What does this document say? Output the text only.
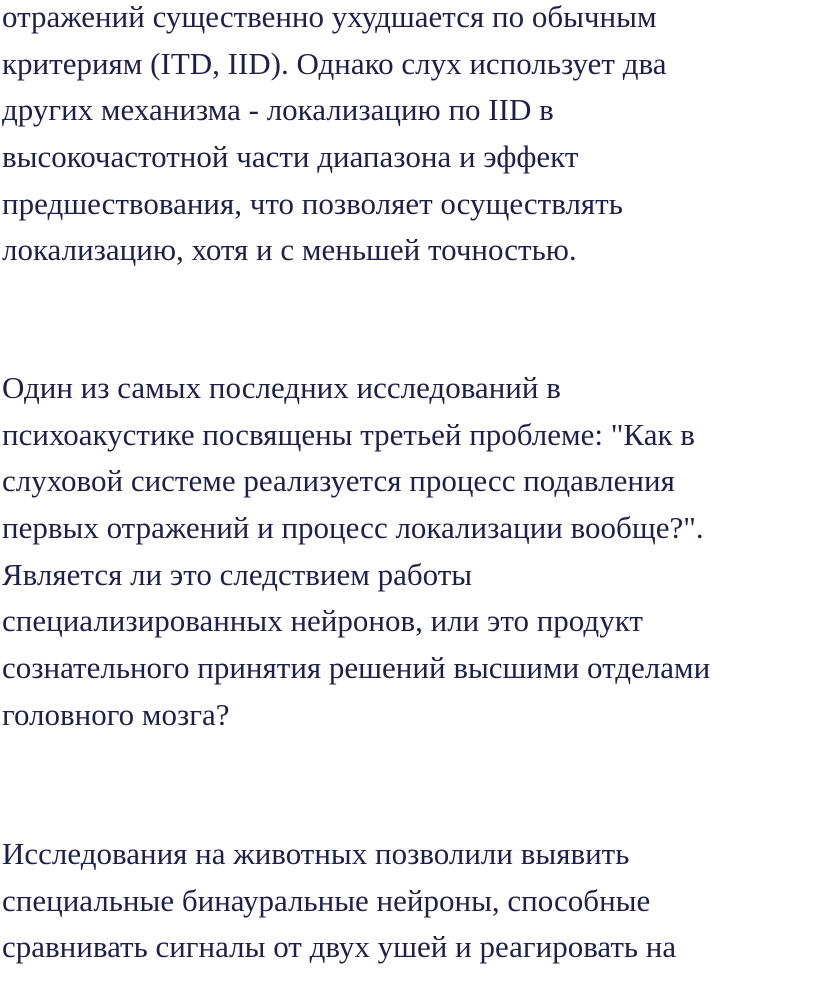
отражений существенно ухудшается по обычным
критериям (ITD, IID). Однако слух использует два
других механизма - локализацию по IID в
высокочастотной части диапазона и эффект
предшествования, что позволяет осуществлять
локализацию, хотя и с меньшей точностью.

Один из самых последних исследований в
психоакустике посвящены третьей проблеме: "Как в
слуховой системе реализуется процесс подавления
первых отражений и процесс локализации вообще?".
Является ли это следствием работы
специализированных нейронов, или это продукт
сознательного принятия решений высшими отделами
головного мозга?

Исследования на животных позволили выявить
специальные бинауральные нейроны, способные
сравнивать сигналы от двух ушей и реагировать на
